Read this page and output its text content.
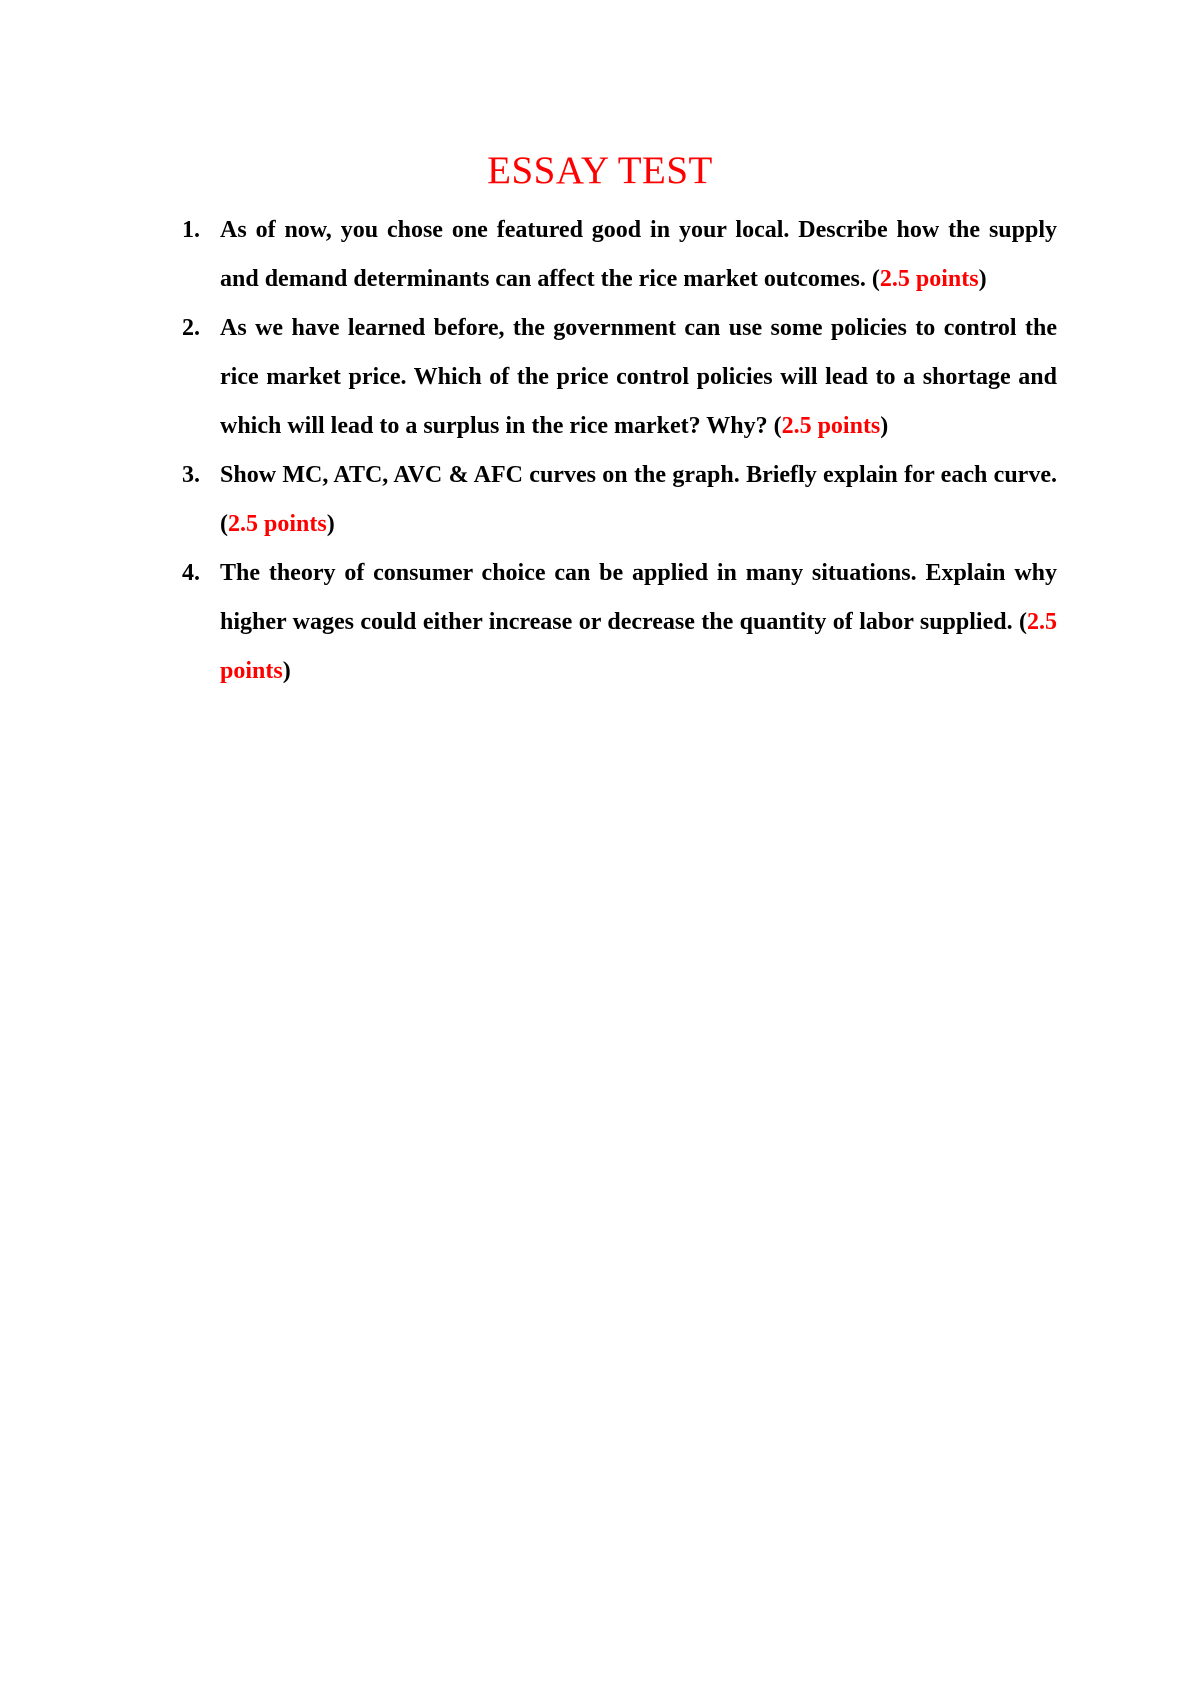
ESSAY TEST
1. As of now, you chose one featured good in your local. Describe how the supply and demand determinants can affect the rice market outcomes. (2.5 points)
2. As we have learned before, the government can use some policies to control the rice market price. Which of the price control policies will lead to a shortage and which will lead to a surplus in the rice market? Why? (2.5 points)
3. Show MC, ATC, AVC & AFC curves on the graph. Briefly explain for each curve. (2.5 points)
4. The theory of consumer choice can be applied in many situations. Explain why higher wages could either increase or decrease the quantity of labor supplied. (2.5 points)
